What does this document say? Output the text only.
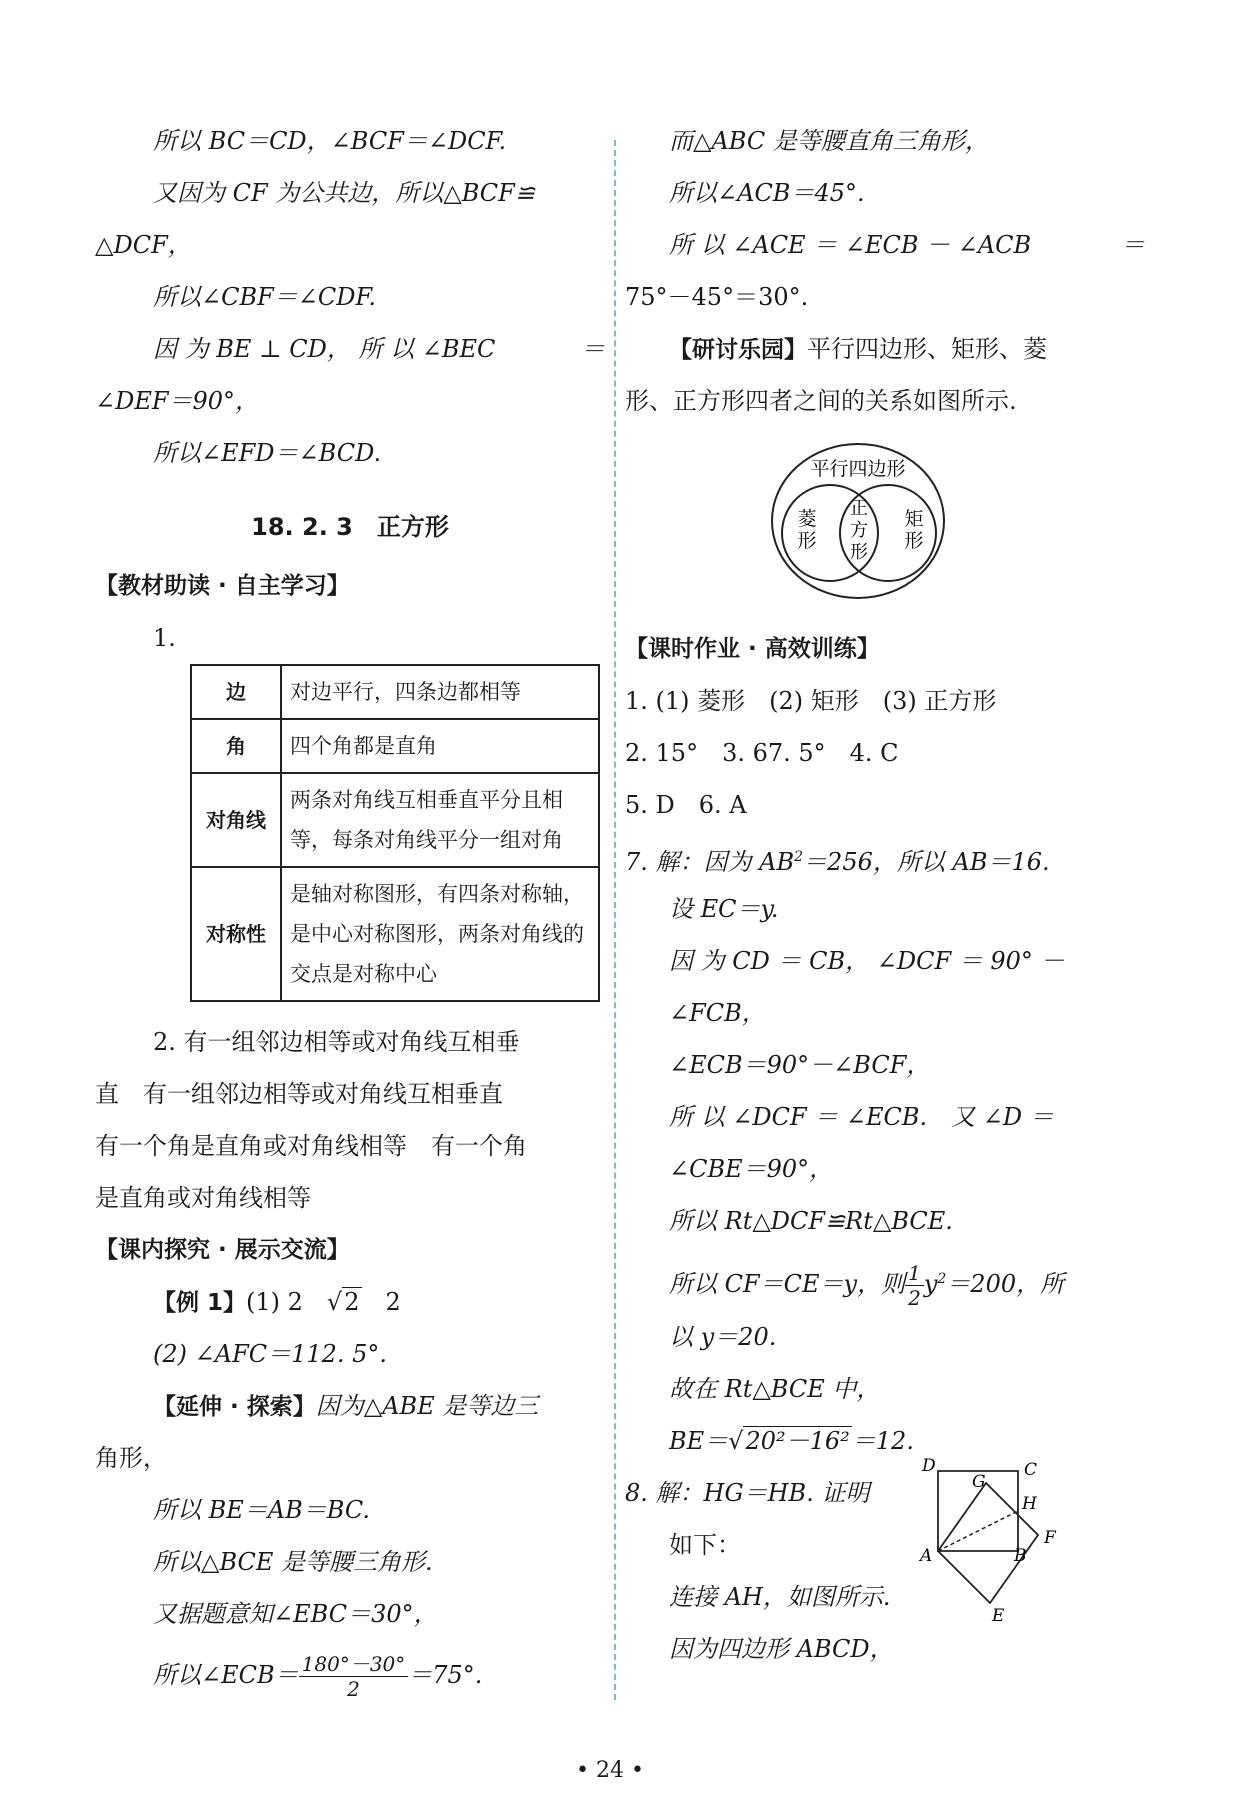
所以 BC＝CD，∠BCF＝∠DCF.
又因为 CF 为公共边，所以△BCF≌
△DCF，
所以∠CBF＝∠CDF.
因 为 BE ⊥ CD， 所 以 ∠BEC	＝
∠DEF＝90°，
所以∠EFD＝∠BCD.
18. 2. 3　正方形
【教材助读 · 自主学习】
1.
边	对边平行，四条边都相等
角	四个角都是直角
对角线	两条对角线互相垂直平分且相等，每条对角线平分一组对角
对称性	是轴对称图形，有四条对称轴，是中心对称图形，两条对角线的交点是对称中心
2. 有一组邻边相等或对角线互相垂
直　有一组邻边相等或对角线互相垂直
有一个角是直角或对角线相等　有一个角
是直角或对角线相等
【课内探究 · 展示交流】
【例 1】(1) 2　√2　2
(2) ∠AFC＝112. 5°.
【延伸 · 探索】因为△ABE 是等边三
角形，
所以 BE＝AB＝BC.
所以△BCE 是等腰三角形.
又据题意知∠EBC＝30°，
所以∠ECB＝ $\frac{180^\circ-30^\circ}{2} =75^\circ$.
而△ABC 是等腰直角三角形，
所以∠ACB＝45°.
所 以 ∠ACE ＝ ∠ECB － ∠ACB	＝
75°－45°＝30°.
【研讨乐园】平行四边形、矩形、菱
形、正方形四者之间的关系如图所示.
平行四边形
菱
形
矩
形
正
方
形
【课时作业 · 高效训练】
1. (1) 菱形　(2) 矩形　(3) 正方形
2. 15°　3. 67. 5°　4. C
5. D　6. A
7. 解：因为 $AB^2=256$，所以 AB＝16.
设 EC＝y.
因 为 CD ＝ CB， ∠DCF ＝ 90° －
∠FCB，
∠ECB＝90°－∠BCF，
所 以 ∠DCF ＝ ∠ECB.　又 ∠D ＝
∠CBE＝90°，
所以 Rt△DCF≌Rt△BCE.
所以 CF＝CE＝y，则 $\frac{1}{2} y^2=200$，所
以 y＝20.
故在 Rt△BCE 中，
BE＝√20²－16²＝12.
8. 解：HG＝HB. 证明
如下：
连接 AH，如图所示.
因为四边形 ABCD，
D	C
G
H
A	B
F
E
• 24 •
